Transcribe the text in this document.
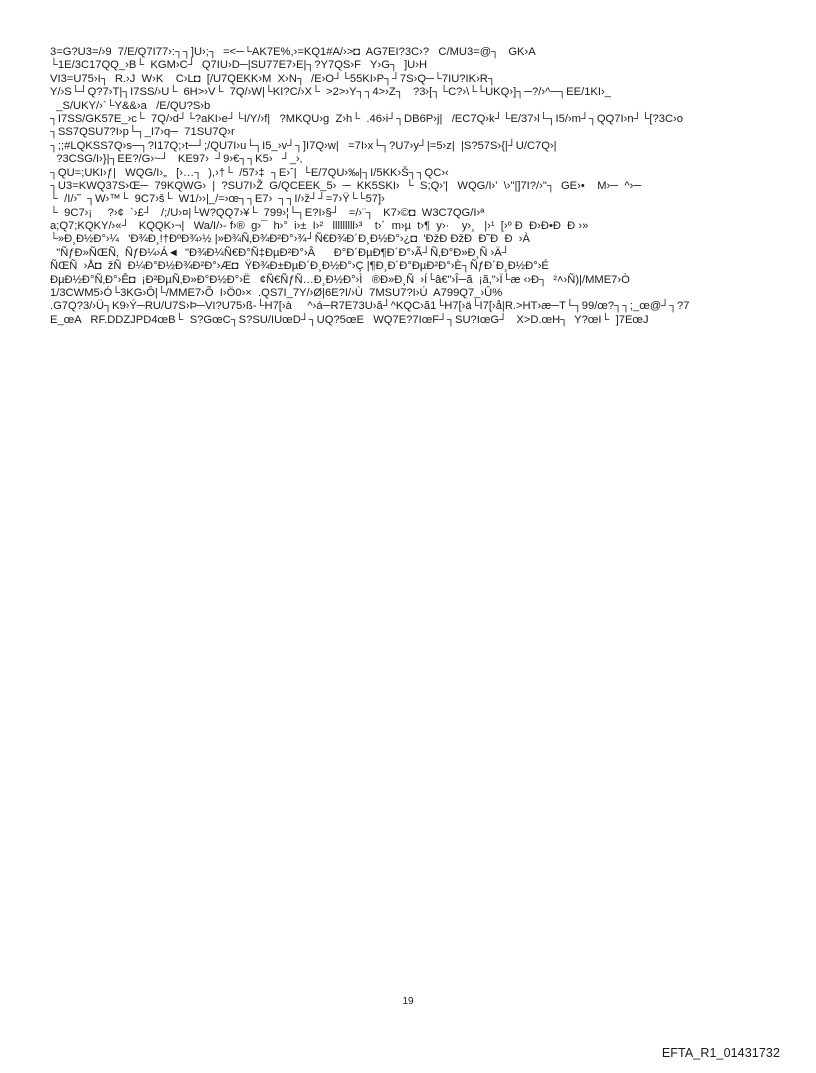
3=G?U3=/›9  7/E/Q7I77›:┐┐]U›;┐  =<─└AK7E%,›=KQ1#A/›>◘  AG7EI?3C›?   C/MU3=@┐   GK›A
└1E/3C17QQ_›B└  KGM›C┘  Q7IU›D─|SU77E7›E|┐?Y7QS›F   Y›G┐  ]U›H
VI3=U75›I┐  R.›J  W›K    C›L◘  [/U7QEKK›M  X›N┐  /E›O┘└55KI›P┐┘7S›Q─└7IU?IK›R┐
Y/›S└┘Q?7›T|┐I7SS/›U└  6H>›V└  7Q/›W|└KI?C/›X└  >2>›Y┐┐4>›Z┐   ?3›[┐└C?›\└└UKQ›]┐─?/›^─┐EE/1KI›_
_S/UKY/›`└Y&&›a   /E/QU?S›b
┐I7SS/GK57E_›c└  7Q/›d┘└?aKI›e┘└I/Y/›f|   ?MKQU›g  Z›h└  .46›i┘┐DB6P›j|   /EC7Q›k┘└E/37›l└┐I5/›m┘┐QQ7I›n┘└[?3C›o
┐SS7QSU7?I›p└┐_I7›q─  71SU7Q›r
┐;;#LQKSS7Q›s─┐?I17Q;›t─┘;/QU7I›u└┐I5_›v┘┐]I7Q›w|   =7I›x└┐?U7›y┘|=5›z|  |S?57S›{|┘U/C7Q›|
?3CSG/I›}|┐EE?/G›~┘   KE97›  ┘9›€┐┐K5›   ┘_›‚
┐QU=;UKI›ƒ|   WQG/I›„   [›…┐  ),›†└  /57›‡  ┐E›ˆ|  └E/7QU›‰|┐I/5KK›Š┐┐QC›‹
┐U3=KWQ37S›Œ─  79KQWG›  |  ?SU7I›Ž  G/QCEEK_5›  ─  KK5SKI›  └  S;Q›'|   WQG/I›'  \›"|]7I?/›"┐  GE›•    M›─  ^›─
└  /I/›˜  ┐W›™└  9C7›š└  W1/››|_/=›œ┐┐E7›  ┐┐I/›ž┘┘=7›Ÿ└└57]›
└  9C7›¡     ?›¢  `›£┘   /;/U›¤|└W?QQ7›¥└  799›¦└┐E?I›§┘   =/›¨┐   K7›©◘  W3C7QG/I›ª
a;Q7;KQKY/›«┘   KQQK›¬|   Wa/I/›- f›®  g›¯  h›°  i›±  I›²   lllllllll›³    t›´  m›µ  t›¶  y›·    y›¸   |›¹  [›º Đ  Đ›Đ•Đ  Đ ›»
└»Đ¸Đ½Đ°›¼   'Đ¾Đ¸!†ĐºĐ¾›½ |»Đ¾Ñ‚Đ¾Đ²Đ°›¾┘Ñ€Đ¾Đ´Đ¸Đ½Đ°›¿◘  'ĐžĐ ĐžĐ  Đ˜Đ  Đ  ›À
"ÑƒĐ»ÑŒÑ‚  ÑƒĐ¼›Á◄  "Đ¾Đ¼Ñ€Đ°Ñ‡ĐµĐ²Đ°›Â      Đ°Đ´ĐµĐ¶Đ´Đ°›Ã┘Ñ‚Đ°Đ»Đ¸Ñ ›Ä┘
ÑŒÑ  ›Å◘  žÑ  Đ¼Đ°Đ½Đ¾Đ²Đ°›Æ◘  ŸĐ¾Đ±ĐµĐ´Đ¸Đ½Đ°›Ç |¶Đ¸Đ´Đ°ĐµĐ²Đ°›È┐ÑƒĐ´Đ¸Đ½Đ°›É
ĐµĐ½Đ°Ñ‚Đ°›Ê◘  ¡Đ²ĐµÑ‚Đ»Đ°Đ½Đ°›Ë   ¢Ñ€ÑƒÑ…Đ¸Đ½Đ°›Ì   ®Đ»Đ¸Ñ  ›Í└â€"›Î─ã  ¡ã,"›Ï└æ ‹›Đ┐  ²˄›Ñ)|/MME7›Ò
1/3CWM5›Ó└3KG›Ô|└/MME7›Õ  I›Ö0›×  .QS7I_7Y/›Ø|6E?I/›Ù  7MSU7?I›Ú  A799Q7_›Û%
.G7Q?3/›Ü┐K9›Ý─RU/U7S›Þ─VI?U75›ß-└H7[›à     ^›á─R7E73U›â┘^KQC›ã1└H7[›ä└I7[›å|R.>HT›æ─T└┐99/œ?┐┐;_œ@┘┐?7
E_œA   RF.DDZJPD4œB└  S?GœC┐S?SU/IUœD┘┐UQ?5œE   WQ7E?7IœF┘┐SU?IœG┘   X>D.œH┐  Y?œI└  ]7EœJ
19
EFTA_R1_01431732
